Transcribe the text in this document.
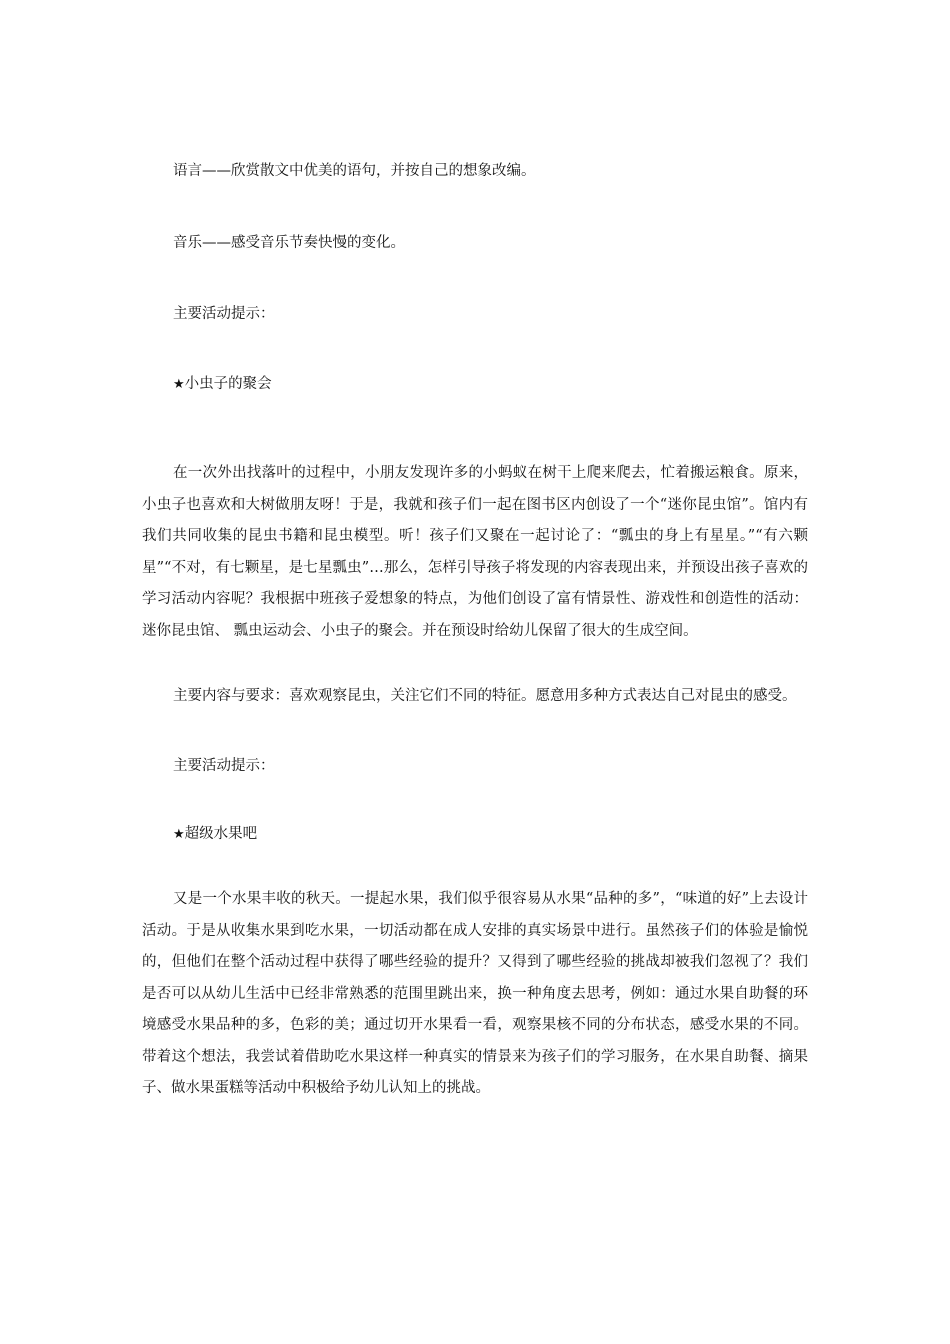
语言——欣赏散文中优美的语句，并按自己的想象改编。
音乐——感受音乐节奏快慢的变化。
主要活动提示：
★小虫子的聚会
在一次外出找落叶的过程中，小朋友发现许多的小蚂蚁在树干上爬来爬去，忙着搬运粮食。原来，小虫子也喜欢和大树做朋友呀！于是，我就和孩子们一起在图书区内创设了一个“迷你昆虫馆”。馆内有我们共同收集的昆虫书籍和昆虫模型。听！孩子们又聚在一起讨论了：“瓢虫的身上有星星。”“有六颗星”“不对，有七颗星，是七星瓢虫”…那么，怎样引导孩子将发现的内容表现出来，并预设出孩子喜欢的学习活动内容呢？我根据中班孩子爱想象的特点，为他们创设了富有情景性、游戏性和创造性的活动：迷你昆虫馆、 瓢虫运动会、小虫子的聚会。并在预设时给幼儿保留了很大的生成空间。
主要内容与要求：喜欢观察昆虫，关注它们不同的特征。愿意用多种方式表达自己对昆虫的感受。
主要活动提示：
★超级水果吧
又是一个水果丰收的秋天。一提起水果，我们似乎很容易从水果“品种的多”，“味道的好”上去设计活动。于是从收集水果到吃水果，一切活动都在成人安排的真实场景中进行。虽然孩子们的体验是愉悦的，但他们在整个活动过程中获得了哪些经验的提升？又得到了哪些经验的挑战却被我们忽视了？我们是否可以从幼儿生活中已经非常熟悉的范围里跳出来，换一种角度去思考，例如：通过水果自助餐的环境感受水果品种的多，色彩的美；通过切开水果看一看，观察果核不同的分布状态，感受水果的不同。带着这个想法，我尝试着借助吃水果这样一种真实的情景来为孩子们的学习服务，在水果自助餐、摘果子、做水果蛋糕等活动中积极给予幼儿认知上的挑战。
